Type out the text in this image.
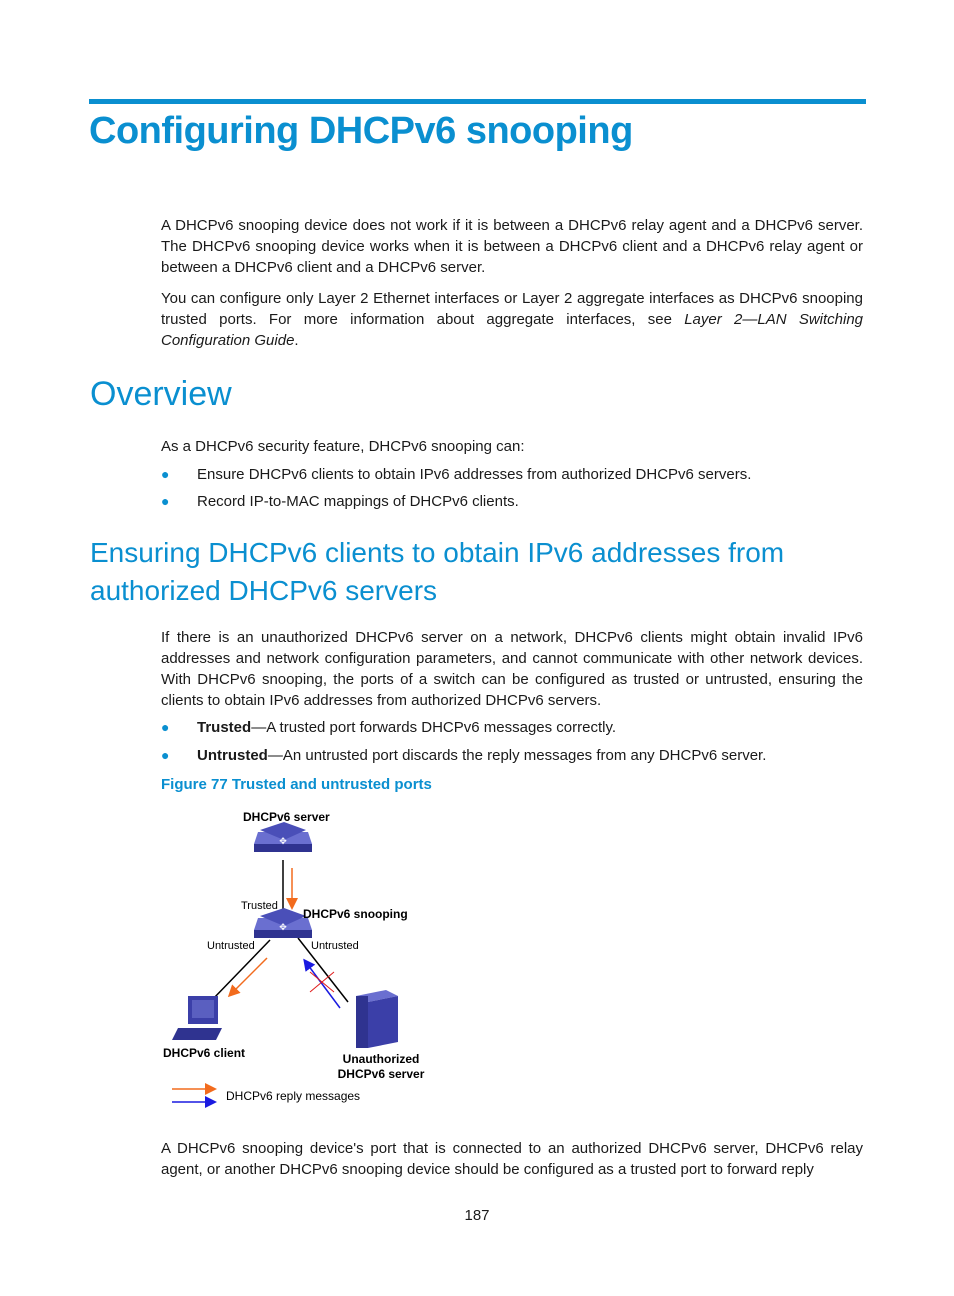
Configuring DHCPv6 snooping

A DHCPv6 snooping device does not work if it is between a DHCPv6 relay agent and a DHCPv6 server. The DHCPv6 snooping device works when it is between a DHCPv6 client and a DHCPv6 relay agent or between a DHCPv6 client and a DHCPv6 server.

You can configure only Layer 2 Ethernet interfaces or Layer 2 aggregate interfaces as DHCPv6 snooping trusted ports. For more information about aggregate interfaces, see Layer 2—LAN Switching Configuration Guide.

Overview

As a DHCPv6 security feature, DHCPv6 snooping can:

● Ensure DHCPv6 clients to obtain IPv6 addresses from authorized DHCPv6 servers.
● Record IP-to-MAC mappings of DHCPv6 clients.
Ensuring DHCPv6 clients to obtain IPv6 addresses from authorized DHCPv6 servers

If there is an unauthorized DHCPv6 server on a network, DHCPv6 clients might obtain invalid IPv6 addresses and network configuration parameters, and cannot communicate with other network devices. With DHCPv6 snooping, the ports of a switch can be configured as trusted or untrusted, ensuring the clients to obtain IPv6 addresses from authorized DHCPv6 servers.

● Trusted—A trusted port forwards DHCPv6 messages correctly.
● Untrusted—An untrusted port discards the reply messages from any DHCPv6 server.
Figure 77 Trusted and untrusted ports
✥
✥
DHCPv6 server
DHCPv6 snooping
Trusted
Untrusted	Untrusted
DHCPv6 client	Unauthorized
DHCPv6 server
DHCPv6 reply messages

A DHCPv6 snooping device's port that is connected to an authorized DHCPv6 server, DHCPv6 relay agent, or another DHCPv6 snooping device should be configured as a trusted port to forward reply

187
